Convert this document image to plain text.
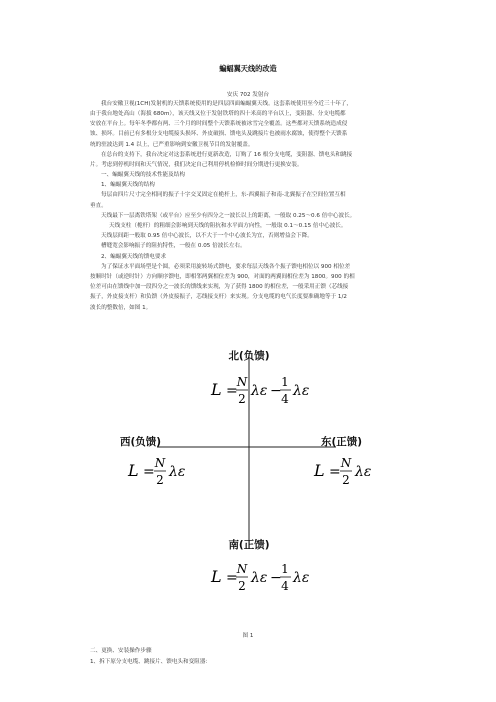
蝙蝠翼天线的改造
安庆 702 发射台
我台安徽卫视(1CH)发射机的天馈系统使用的是四层四面蝙蝠翼天线。这套系统使用至今近三十年了，
由于我台地处高山（海拔 680m），该天线又位于发射铁塔的四十米高的平台以上，变阻器、分支电缆都
安放在平台上。每年冬季都有两、三个月的时间整个天馈系统被冰雪完全覆盖。这些都对天馈系统造成侵
蚀、损坏。目前已有多根分支电缆接头损坏、外皮破损、馈电头及跳接片也被雨水腐蚀，使得整个天馈系
统的驻波达到 1.4 以上，已严重影响到安徽卫视节目的发射覆盖。
在总台的支持下，我台决定对这套系统进行更新改造，订购了 16 根分支电缆，变阻器、馈电头和跳接
片。考虑到停机时间和天气情况，我们决定自己利用停机检修时间分期进行更换安装。
一、蝙蝠翼天线的技术性能及结构
1、蝙蝠翼天线的结构
每层由四片尺寸完全相同的振子十字交叉固定在桅杆上，东-西翼振子和南-北翼振子在空间位置互相
垂直。
天线最下一层离铁塔架（或平台）应至少有四分之一波长以上的距离，一般取 0.25～0.6 倍中心波长。
天线支柱（桅杆）的粗细会影响到天线的阻抗和水平面方向性，一般取 0.1～0.15 倍中心波长。
天线层间距一般取 0.95 倍中心波长，以不大于一个中心波长为宜，否则增益会下降。
槽缝宽会影响振子的阻抗特性，一般在 0.05 倍波长左右。
2、蝙蝠翼天线的馈电要求
为了保证水平面场型是个圆，必须采用旋转场式馈电，要求每层天线各个振子馈电相位以 900 相位差
按顺时针（或逆时针）方向顺序馈电，即相邻两翼相位差为 900，对面的两翼间相位差为 1800。900 的相
位差可由在馈线中加一段四分之一波长的馈线来实现，为了获得 1800 的相位差，一般采用正馈（芯线接
振子，外皮接支杆）和负馈（外皮接振子，芯线接支杆）来实现。分支电缆的电气长度要准确地等于 1/2
波长的整数倍，如图 1。
北(负馈)
西(负馈)	东(正馈)
南(正馈)
L =
N
2 λε −
1
4 λε
L =
N
2 λε	L =
N
2 λε
L =
N
2 λε −
1
4 λε
图 1
二、更换、安装操作步骤
1、拆下原分支电缆、跳接片、馈电头和变阻器：
